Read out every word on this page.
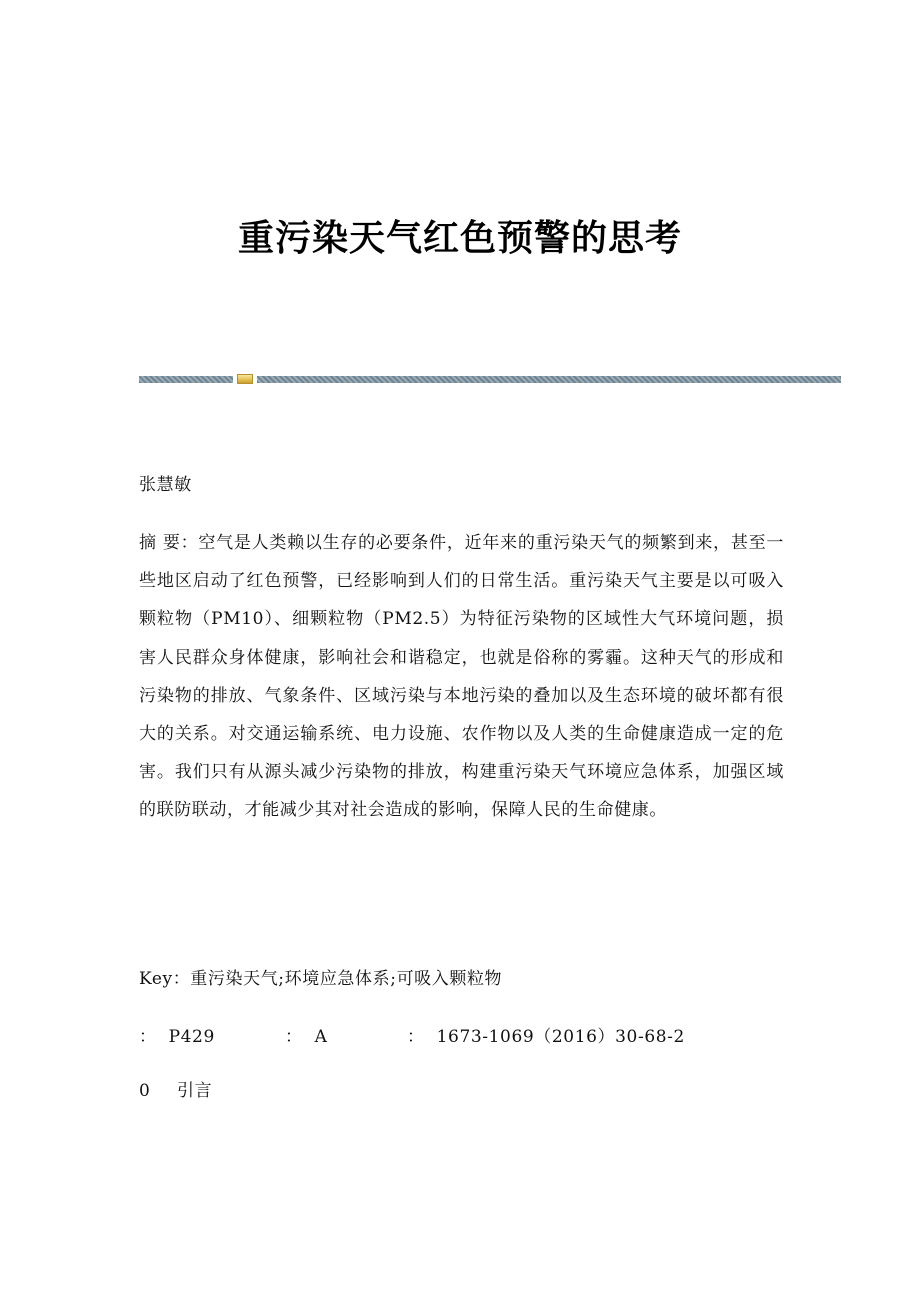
重污染天气红色预警的思考
张慧敏
摘 要：空气是人类赖以生存的必要条件，近年来的重污染天气的频繁到来，甚至一些地区启动了红色预警，已经影响到人们的日常生活。重污染天气主要是以可吸入颗粒物（PM10）、细颗粒物（PM2.5）为特征污染物的区域性大气环境问题，损害人民群众身体健康，影响社会和谐稳定，也就是俗称的雾霾。这种天气的形成和污染物的排放、气象条件、区域污染与本地污染的叠加以及生态环境的破坏都有很大的关系。对交通运输系统、电力设施、农作物以及人类的生命健康造成一定的危害。我们只有从源头减少污染物的排放，构建重污染天气环境应急体系，加强区域的联防联动，才能减少其对社会造成的影响，保障人民的生命健康。
Key：重污染天气;环境应急体系;可吸入颗粒物
：  P429	：  A	：  1673-1069（2016）30-68-2
0 引言
